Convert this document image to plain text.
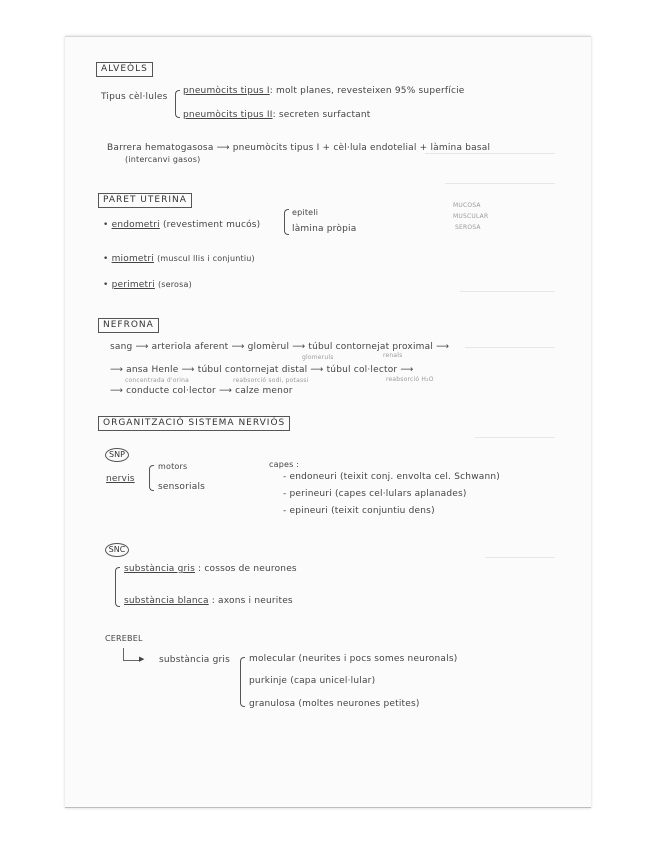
ALVEÒLS
Tipus cèl·lules
pneumòcits tipus I: molt planes, revesteixen 95% superfície
pneumòcits tipus II: secreten surfactant
Barrera hematogasosa ⟶ pneumòcits tipus I + cèl·lula endotelial + làmina basal
(intercanvi gasos)
PARET UTERINA
• endometri (revestiment mucós)
epiteli
làmina pròpia
MUCOSA
MUSCULAR
SEROSA
• miometri (muscul llis i conjuntiu)
• perimetri (serosa)
NEFRONA
sang ⟶ arteriola aferent ⟶ glomèrul ⟶ túbul contornejat proximal ⟶
glomeruls	renals
⟶ ansa Henle ⟶ túbul contornejat distal ⟶ túbul col·lector ⟶
concentrada d'orina	reabsorció sodi, potassi	reabsorció H₂O
⟶ conducte col·lector ⟶ calze menor
ORGANITZACIÓ SISTEMA NERVIÓS
SNP
nervis
motors
sensorials
capes :
- endoneuri (teixit conj. envolta cel. Schwann)
- perineuri (capes cel·lulars aplanades)
- epineuri (teixit conjuntiu dens)
SNC
substància gris : cossos de neurones
substància blanca : axons i neurites
CEREBEL
▶ substància gris molecular (neurites i pocs somes neuronals)
purkinje (capa unicel·lular)
granulosa (moltes neurones petites)
